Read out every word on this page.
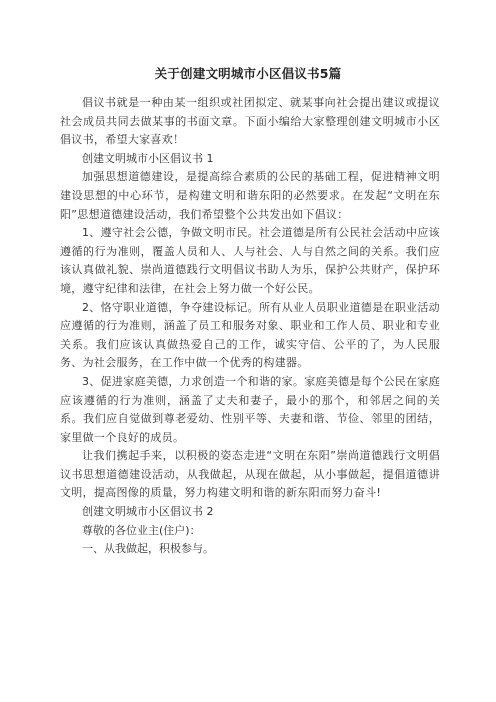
关于创建文明城市小区倡议书5篇

倡议书就是一种由某一组织或社团拟定、就某事向社会提出建议或提议社会成员共同去做某事的书面文章。下面小编给大家整理创建文明城市小区倡议书，希望大家喜欢！

创建文明城市小区倡议书 1

加强思想道德建设，是提高综合素质的公民的基础工程，促进精神文明建设思想的中心环节，是构建文明和谐东阳的必然要求。在发起“文明在东阳”思想道德建设活动，我们希望整个公共发出如下倡议：

1、遵守社会公德，争做文明市民。社会道德是所有公民社会活动中应该遵循的行为准则，覆盖人员和人、人与社会、人与自然之间的关系。我们应该认真做礼貌、崇尚道德践行文明倡议书助人为乐，保护公共财产，保护环境，遵守纪律和法律，在社会上努力做一个好公民。

2、恪守职业道德，争夺建设标记。所有从业人员职业道德是在职业活动应遵循的行为准则，涵盖了员工和服务对象、职业和工作人员、职业和专业关系。我们应该认真做热爱自己的工作，诚实守信、公平的了，为人民服务、为社会服务，在工作中做一个优秀的构建器。

3、促进家庭美德，力求创造一个和谐的家。家庭美德是每个公民在家庭应该遵循的行为准则，涵盖了丈夫和妻子，最小的那个，和邻居之间的关系。我们应自觉做到尊老爱幼、性别平等、夫妻和谐、节俭、邻里的团结，家里做一个良好的成员。

让我们携起手来，以积极的姿态走进“文明在东阳”崇尚道德践行文明倡议书思想道德建设活动，从我做起，从现在做起，从小事做起，提倡道德讲文明，提高图像的质量，努力构建文明和谐的新东阳而努力奋斗!

创建文明城市小区倡议书 2

尊敬的各位业主(住户)：

一、从我做起，积极参与。
